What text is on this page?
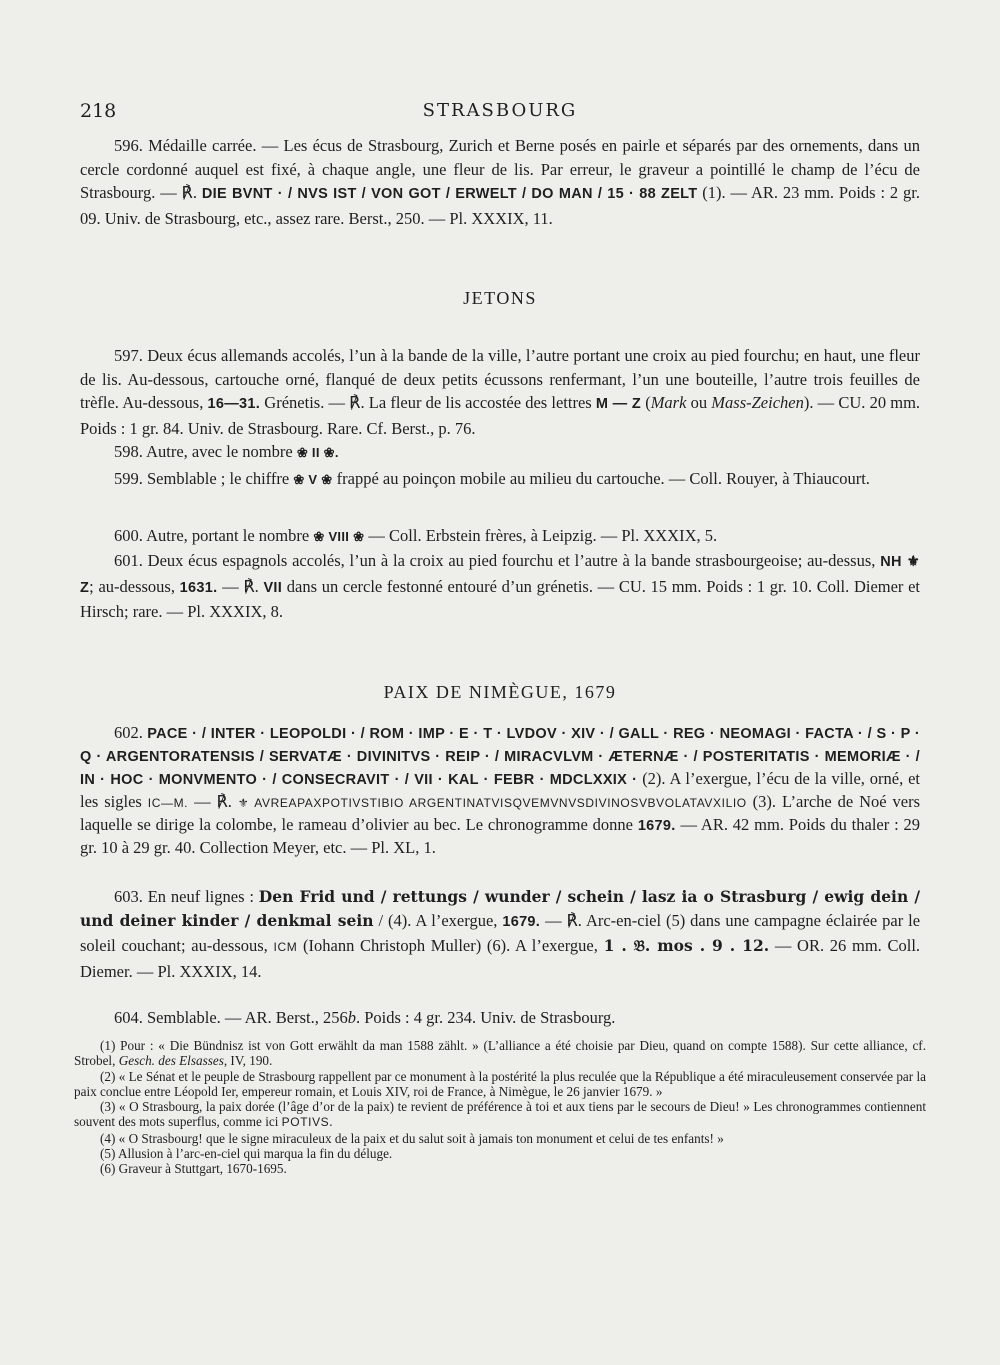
218	STRASBOURG

596. Médaille carrée. — Les écus de Strasbourg, Zurich et Berne posés en pairle et séparés par des ornements, dans un cercle cordonné auquel est fixé, à chaque angle, une fleur de lis. Par erreur, le graveur a pointillé le champ de l’écu de Strasbourg. — ℟. DIE BVNT · / NVS IST / VON GOT / ERWELT / DO MAN / 15 · 88 ZELT (1). — AR. 23 mm. Poids : 2 gr. 09. Univ. de Strasbourg, etc., assez rare. Berst., 250. — Pl. XXXIX, 11.

JETONS

597. Deux écus allemands accolés, l’un à la bande de la ville, l’autre portant une croix au pied fourchu; en haut, une fleur de lis. Au-dessous, cartouche orné, flanqué de deux petits écussons renfermant, l’un une bouteille, l’autre trois feuilles de trèfle. Au-dessous, 16—31. Grénetis. — ℟. La fleur de lis accostée des lettres M — Z (Mark ou Mass-Zeichen). — CU. 20 mm. Poids : 1 gr. 84. Univ. de Strasbourg. Rare. Cf. Berst., p. 76.

598. Autre, avec le nombre ❀ II ❀.

599. Semblable ; le chiffre ❀ V ❀ frappé au poinçon mobile au milieu du cartouche. — Coll. Rouyer, à Thiaucourt.

600. Autre, portant le nombre ❀ VIII ❀ — Coll. Erbstein frères, à Leipzig. — Pl. XXXIX, 5.

601. Deux écus espagnols accolés, l’un à la croix au pied fourchu et l’autre à la bande strasbourgeoise; au-dessus, NH ⚜ Z; au-dessous, 1631. — ℟. VII dans un cercle festonné entouré d’un grénetis. — CU. 15 mm. Poids : 1 gr. 10. Coll. Diemer et Hirsch; rare. — Pl. XXXIX, 8.

PAIX DE NIMÈGUE, 1679

602. PACE · / INTER · LEOPOLDI · / ROM · IMP · E · T · LVDOV · XIV · / GALL · REG · NEOMAGI · FACTA · / S · P · Q · ARGENTORATENSIS / SERVATÆ · DIVINITVS · REIP · / MIRACVLVM · ÆTERNÆ · / POSTERITATIS · MEMORIÆ · / IN · HOC · MONVMENTO · / CONSECRAVIT · / VII · KAL · FEBR · MDCLXXIX · (2). A l’exergue, l’écu de la ville, orné, et les sigles IC—M. — ℟. ⚜ AVREAPAXPOTIVSTIBIO ARGENTINATVISQVEMVNVSDIVINOSVBVOLATAVXILIO (3). L’arche de Noé vers laquelle se dirige la colombe, le rameau d’olivier au bec. Le chronogramme donne 1679. — AR. 42 mm. Poids du thaler : 29 gr. 10 à 29 gr. 40. Collection Meyer, etc. — Pl. XL, 1.

603. En neuf lignes : Den Frid und / rettungs / wunder / schein / lasz ia o Strasburg / ewig dein / und deiner kinder / denkmal sein / (4). A l’exergue, 1679. — ℟. Arc-en-ciel (5) dans une campagne éclairée par le soleil couchant; au-dessous, ICM (Iohann Christoph Muller) (6). A l’exergue, 1 . 𝔅. mos . 9 . 12. — OR. 26 mm. Coll. Diemer. — Pl. XXXIX, 14.

604. Semblable. — AR. Berst., 256b. Poids : 4 gr. 234. Univ. de Strasbourg.

(1) Pour : « Die Bündnisz ist von Gott erwählt da man 1588 zählt. » (L’alliance a été choisie par Dieu, quand on compte 1588). Sur cette alliance, cf. Strobel, Gesch. des Elsasses, IV, 190.

(2) « Le Sénat et le peuple de Strasbourg rappellent par ce monument à la postérité la plus reculée que la République a été miraculeusement conservée par la paix conclue entre Léopold Ier, empereur romain, et Louis XIV, roi de France, à Nimègue, le 26 janvier 1679. »

(3) « O Strasbourg, la paix dorée (l’âge d’or de la paix) te revient de préférence à toi et aux tiens par le secours de Dieu! » Les chronogrammes contiennent souvent des mots superflus, comme ici POTIVS.

(4) « O Strasbourg! que le signe miraculeux de la paix et du salut soit à jamais ton monument et celui de tes enfants! »

(5) Allusion à l’arc-en-ciel qui marqua la fin du déluge.

(6) Graveur à Stuttgart, 1670-1695.
